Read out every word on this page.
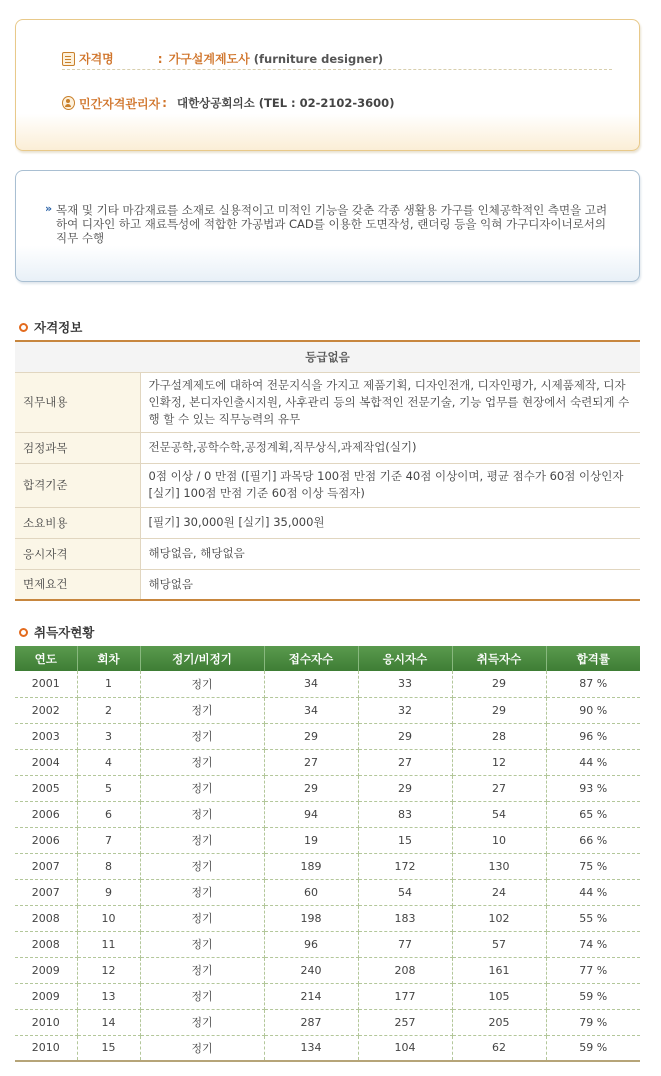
자격명	: 가구설계제도사 (furniture designer)
민간자격관리자 : 대한상공회의소 (TEL : 02-2102-3600)
» 목재 및 기타 마감재료를 소재로 실용적이고 미적인 기능을 갖춘 각종 생활용 가구를 인체공학적인 측면을 고려하여 디자인 하고 재료특성에 적합한 가공법과 CAD를 이용한 도면작성, 랜더링 등을 익혀 가구디자이너로서의 직무 수행
자격정보
등급없음	
직무내용	가구설계제도에 대하여 전문지식을 가지고 제품기획, 디자인전개, 디자인평가, 시제품제작, 디자인확정, 본디자인출시지원, 사후관리 등의 복합적인 전문기술, 기능 업무를 현장에서 숙련되게 수행 할 수 있는 직무능력의 유무
검정과목	전문공학,공학수학,공정계획,직무상식,과제작업(실기)
합격기준	0점 이상 / 0 만점 ([필기] 과목당 100점 만점 기준 40점 이상이며, 평균 점수가 60점 이상인자 [실기] 100점 만점 기준 60점 이상 득점자)
소요비용	[필기] 30,000원 [실기] 35,000원
응시자격	해당없음, 해당없음
면제요건	해당없음
취득자현황
연도	회차	정기/비정기	접수자수	응시자수	취득자수	합격률
2001	1	정기	34	33	29	87 %
2002	2	정기	34	32	29	90 %
2003	3	정기	29	29	28	96 %
2004	4	정기	27	27	12	44 %
2005	5	정기	29	29	27	93 %
2006	6	정기	94	83	54	65 %
2006	7	정기	19	15	10	66 %
2007	8	정기	189	172	130	75 %
2007	9	정기	60	54	24	44 %
2008	10	정기	198	183	102	55 %
2008	11	정기	96	77	57	74 %
2009	12	정기	240	208	161	77 %
2009	13	정기	214	177	105	59 %
2010	14	정기	287	257	205	79 %
2010	15	정기	134	104	62	59 %
